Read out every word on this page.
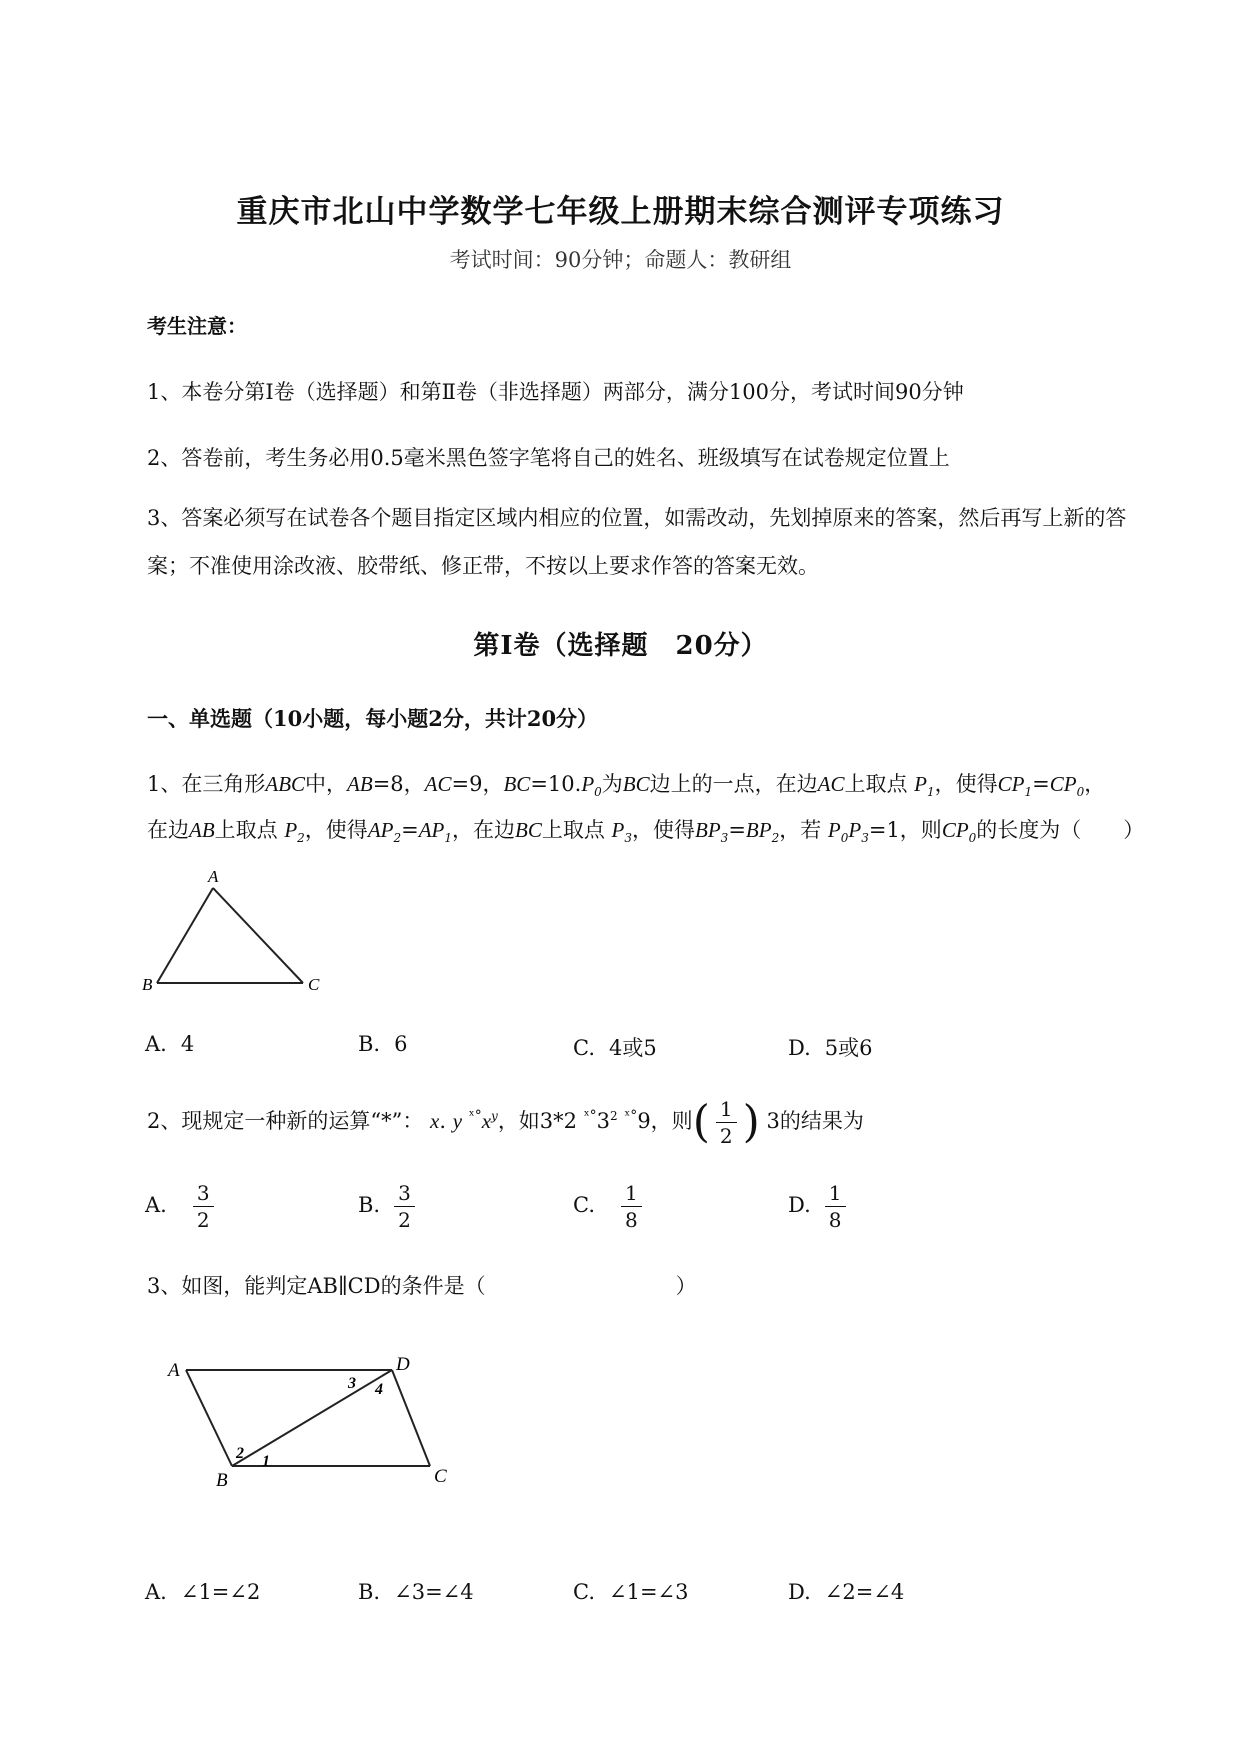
重庆市北山中学数学七年级上册期末综合测评专项练习
考试时间：90分钟；命题人：教研组
考生注意：
1、本卷分第I卷（选择题）和第Ⅱ卷（非选择题）两部分，满分100分，考试时间90分钟
2、答卷前，考生务必用0.5毫米黑色签字笔将自己的姓名、班级填写在试卷规定位置上
3、答案必须写在试卷各个题目指定区域内相应的位置，如需改动，先划掉原来的答案，然后再写上新的答案；不准使用涂改液、胶带纸、修正带，不按以上要求作答的答案无效。
第I卷（选择题　20分）
一、单选题（10小题，每小题2分，共计20分）
1、在三角形ABC中，AB=8，AC=9，$BC=10.P_0$为BC边上的一点，在边AC上取点 $P_1$，使得$CP_1=CP_0$，
在边AB上取点 $P_2$，使得$AP_2=AP_1$，在边BC上取点 $P_3$，使得$BP_3=BP_2$，若 $P_0P_3=1$，则$CP_0$的长度为（　　）
A
B	C
A. 4	B. 6	C. 4或5	D. 5或6
2、现规定一种新的运算“*”： x. y $^{ˣ^\circ}x^y$，如3*2 $^{ˣ^\circ}3^2$ $^{ˣ^\circ}$9，则( $\frac{1}{2}$ ) 3的结果为
A. $\frac{3}{2}$	B. $\frac{3}{2}$	C. $\frac{1}{8}$	D. $\frac{1}{8}$
3、如图，能判定AB∥CD的条件是（	）
A	D
B	C
1
2
3 4
A. ∠1=∠2	B. ∠3=∠4	C. ∠1=∠3	D. ∠2=∠4
